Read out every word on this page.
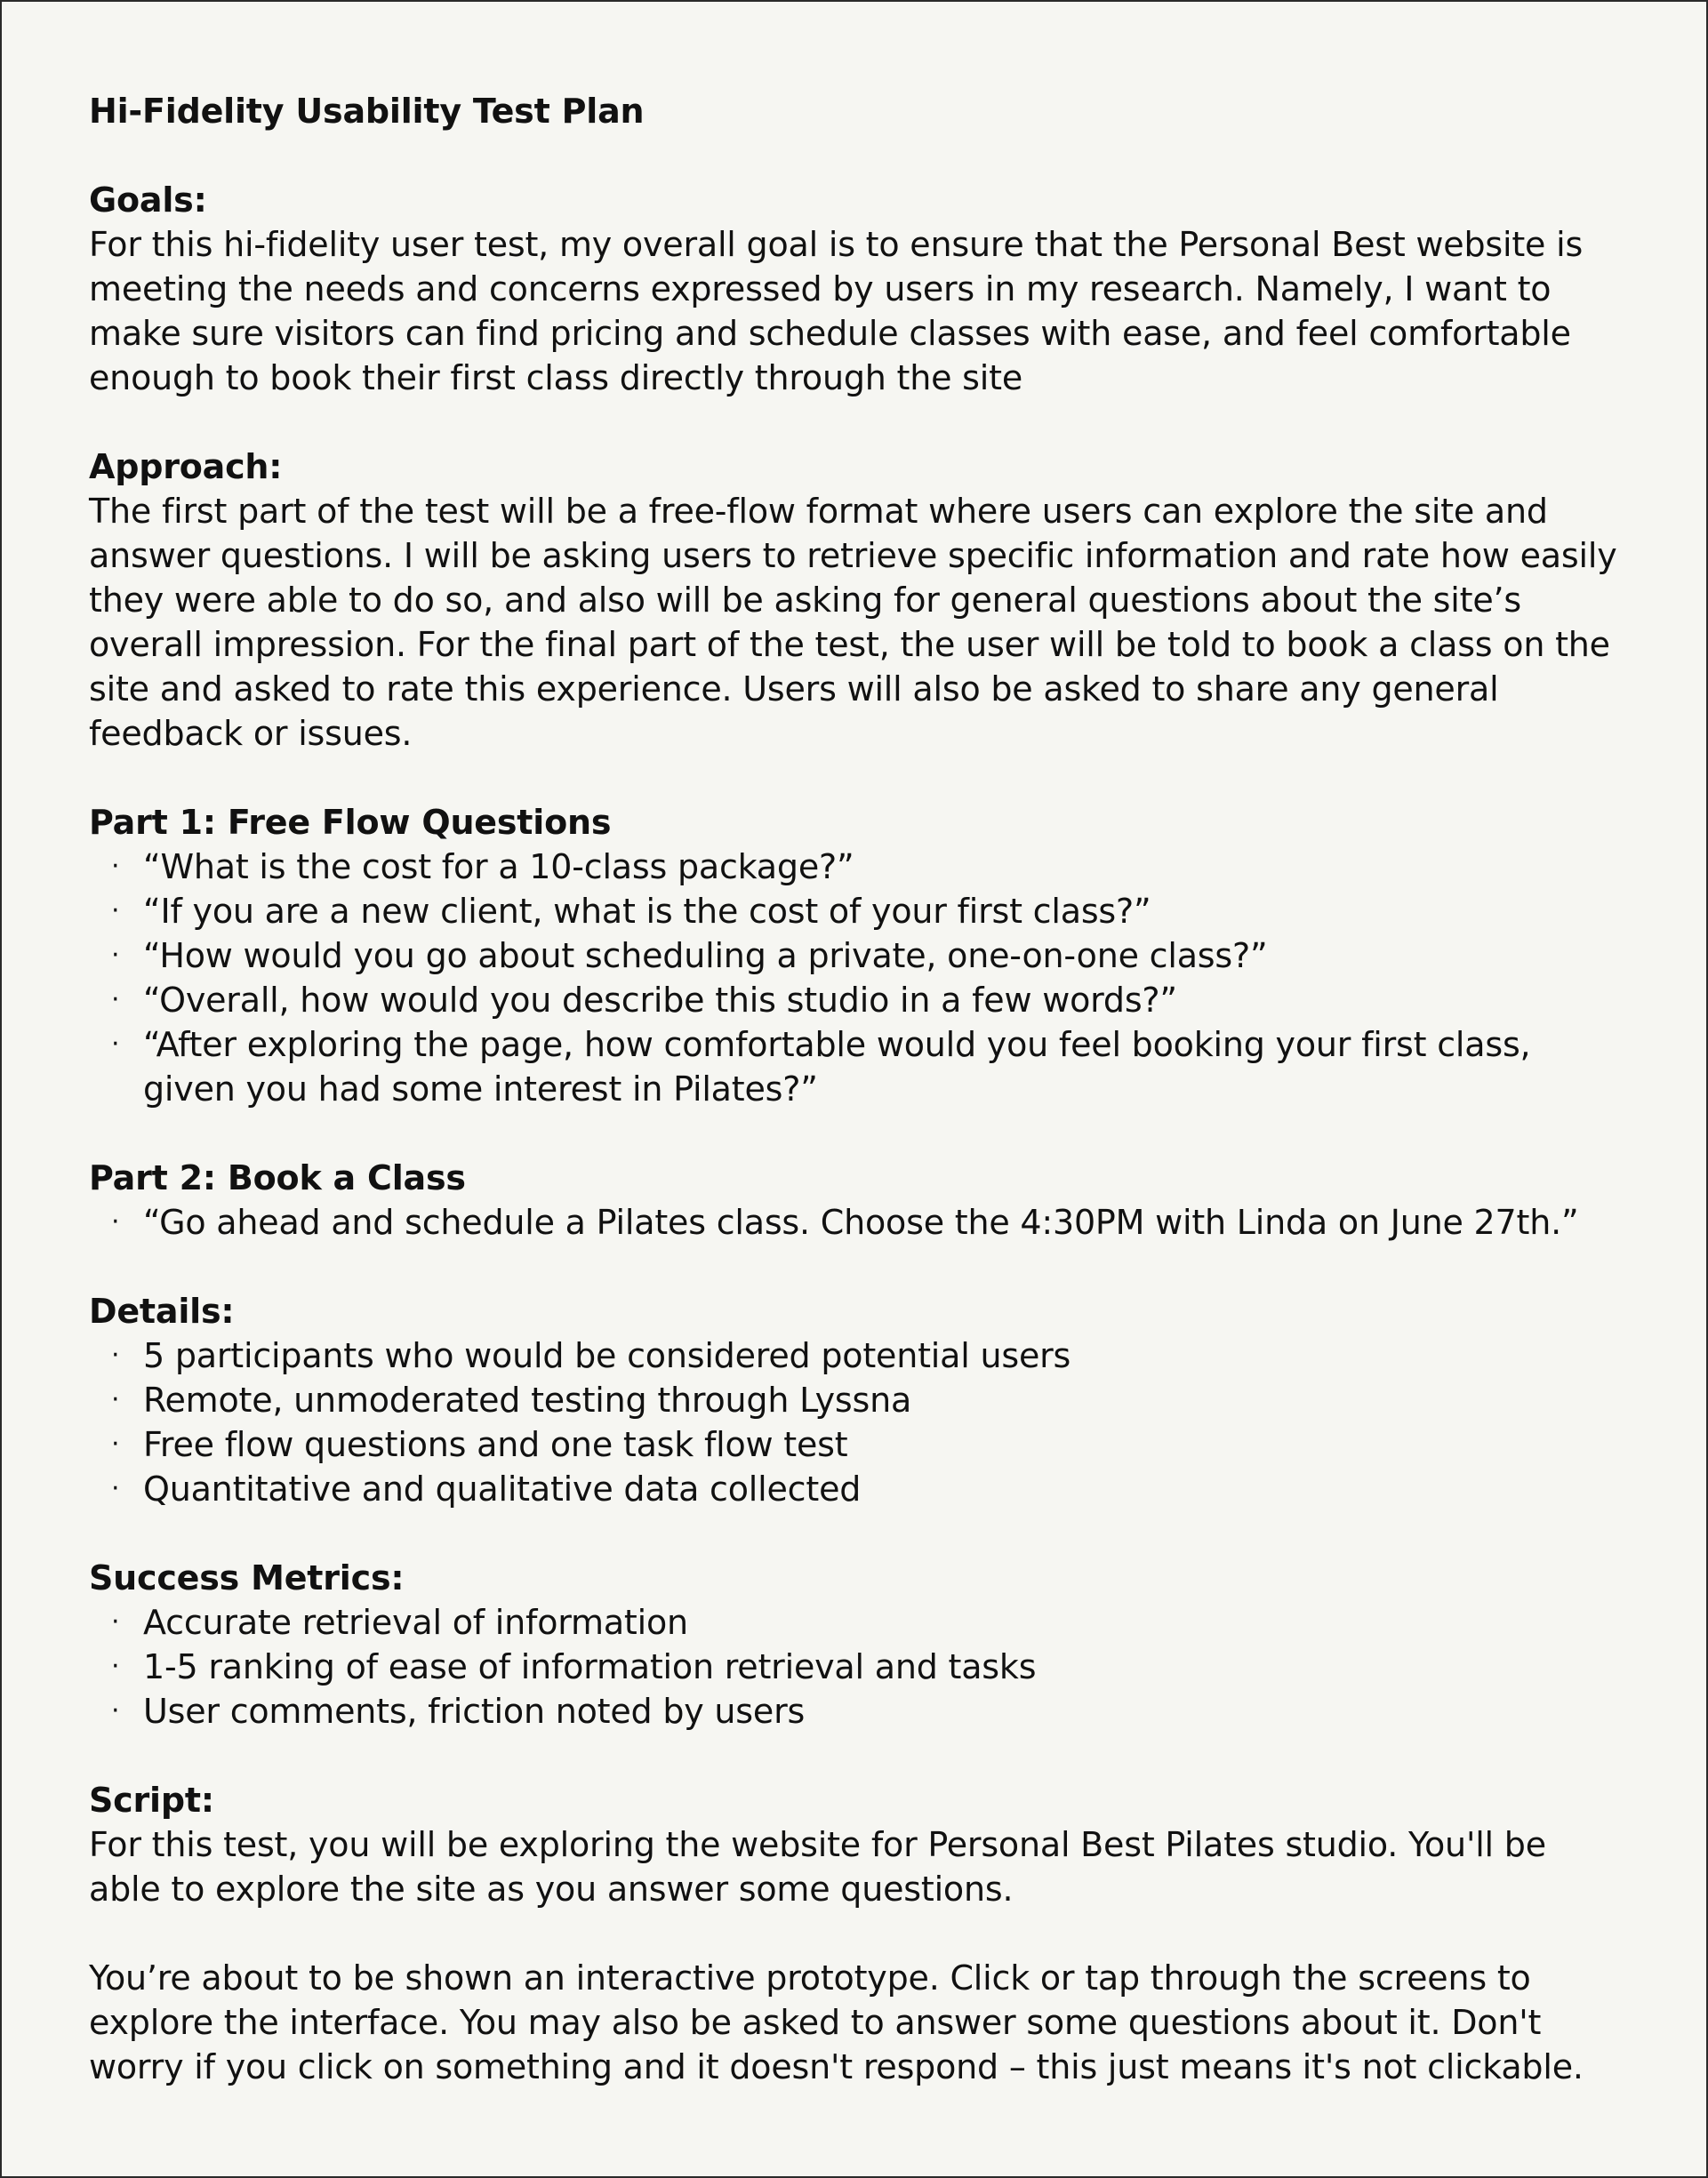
Hi-Fidelity Usability Test Plan
Goals:
For this hi-fidelity user test, my overall goal is to ensure that the Personal Best website is meeting the needs and concerns expressed by users in my research. Namely, I want to make sure visitors can find pricing and schedule classes with ease, and feel comfortable enough to book their first class directly through the site
Approach:
The first part of the test will be a free-flow format where users can explore the site and answer questions. I will be asking users to retrieve specific information and rate how easily they were able to do so, and also will be asking for general questions about the site’s overall impression. For the final part of the test, the user will be told to book a class on the site and asked to rate this experience. Users will also be asked to share any general feedback or issues.
Part 1: Free Flow Questions
· “What is the cost for a 10-class package?”
· “If you are a new client, what is the cost of your first class?”
· “How would you go about scheduling a private, one-on-one class?”
· “Overall, how would you describe this studio in a few words?”
· “After exploring the page, how comfortable would you feel booking your first class, given you had some interest in Pilates?”
Part 2: Book a Class
· “Go ahead and schedule a Pilates class. Choose the 4:30PM with Linda on June 27th.”
Details:
· 5 participants who would be considered potential users
· Remote, unmoderated testing through Lyssna
· Free flow questions and one task flow test
· Quantitative and qualitative data collected
Success Metrics:
· Accurate retrieval of information
· 1-5 ranking of ease of information retrieval and tasks
· User comments, friction noted by users
Script:
For this test, you will be exploring the website for Personal Best Pilates studio. You'll be able to explore the site as you answer some questions.
You’re about to be shown an interactive prototype. Click or tap through the screens to explore the interface. You may also be asked to answer some questions about it. Don't worry if you click on something and it doesn't respond – this just means it's not clickable.
